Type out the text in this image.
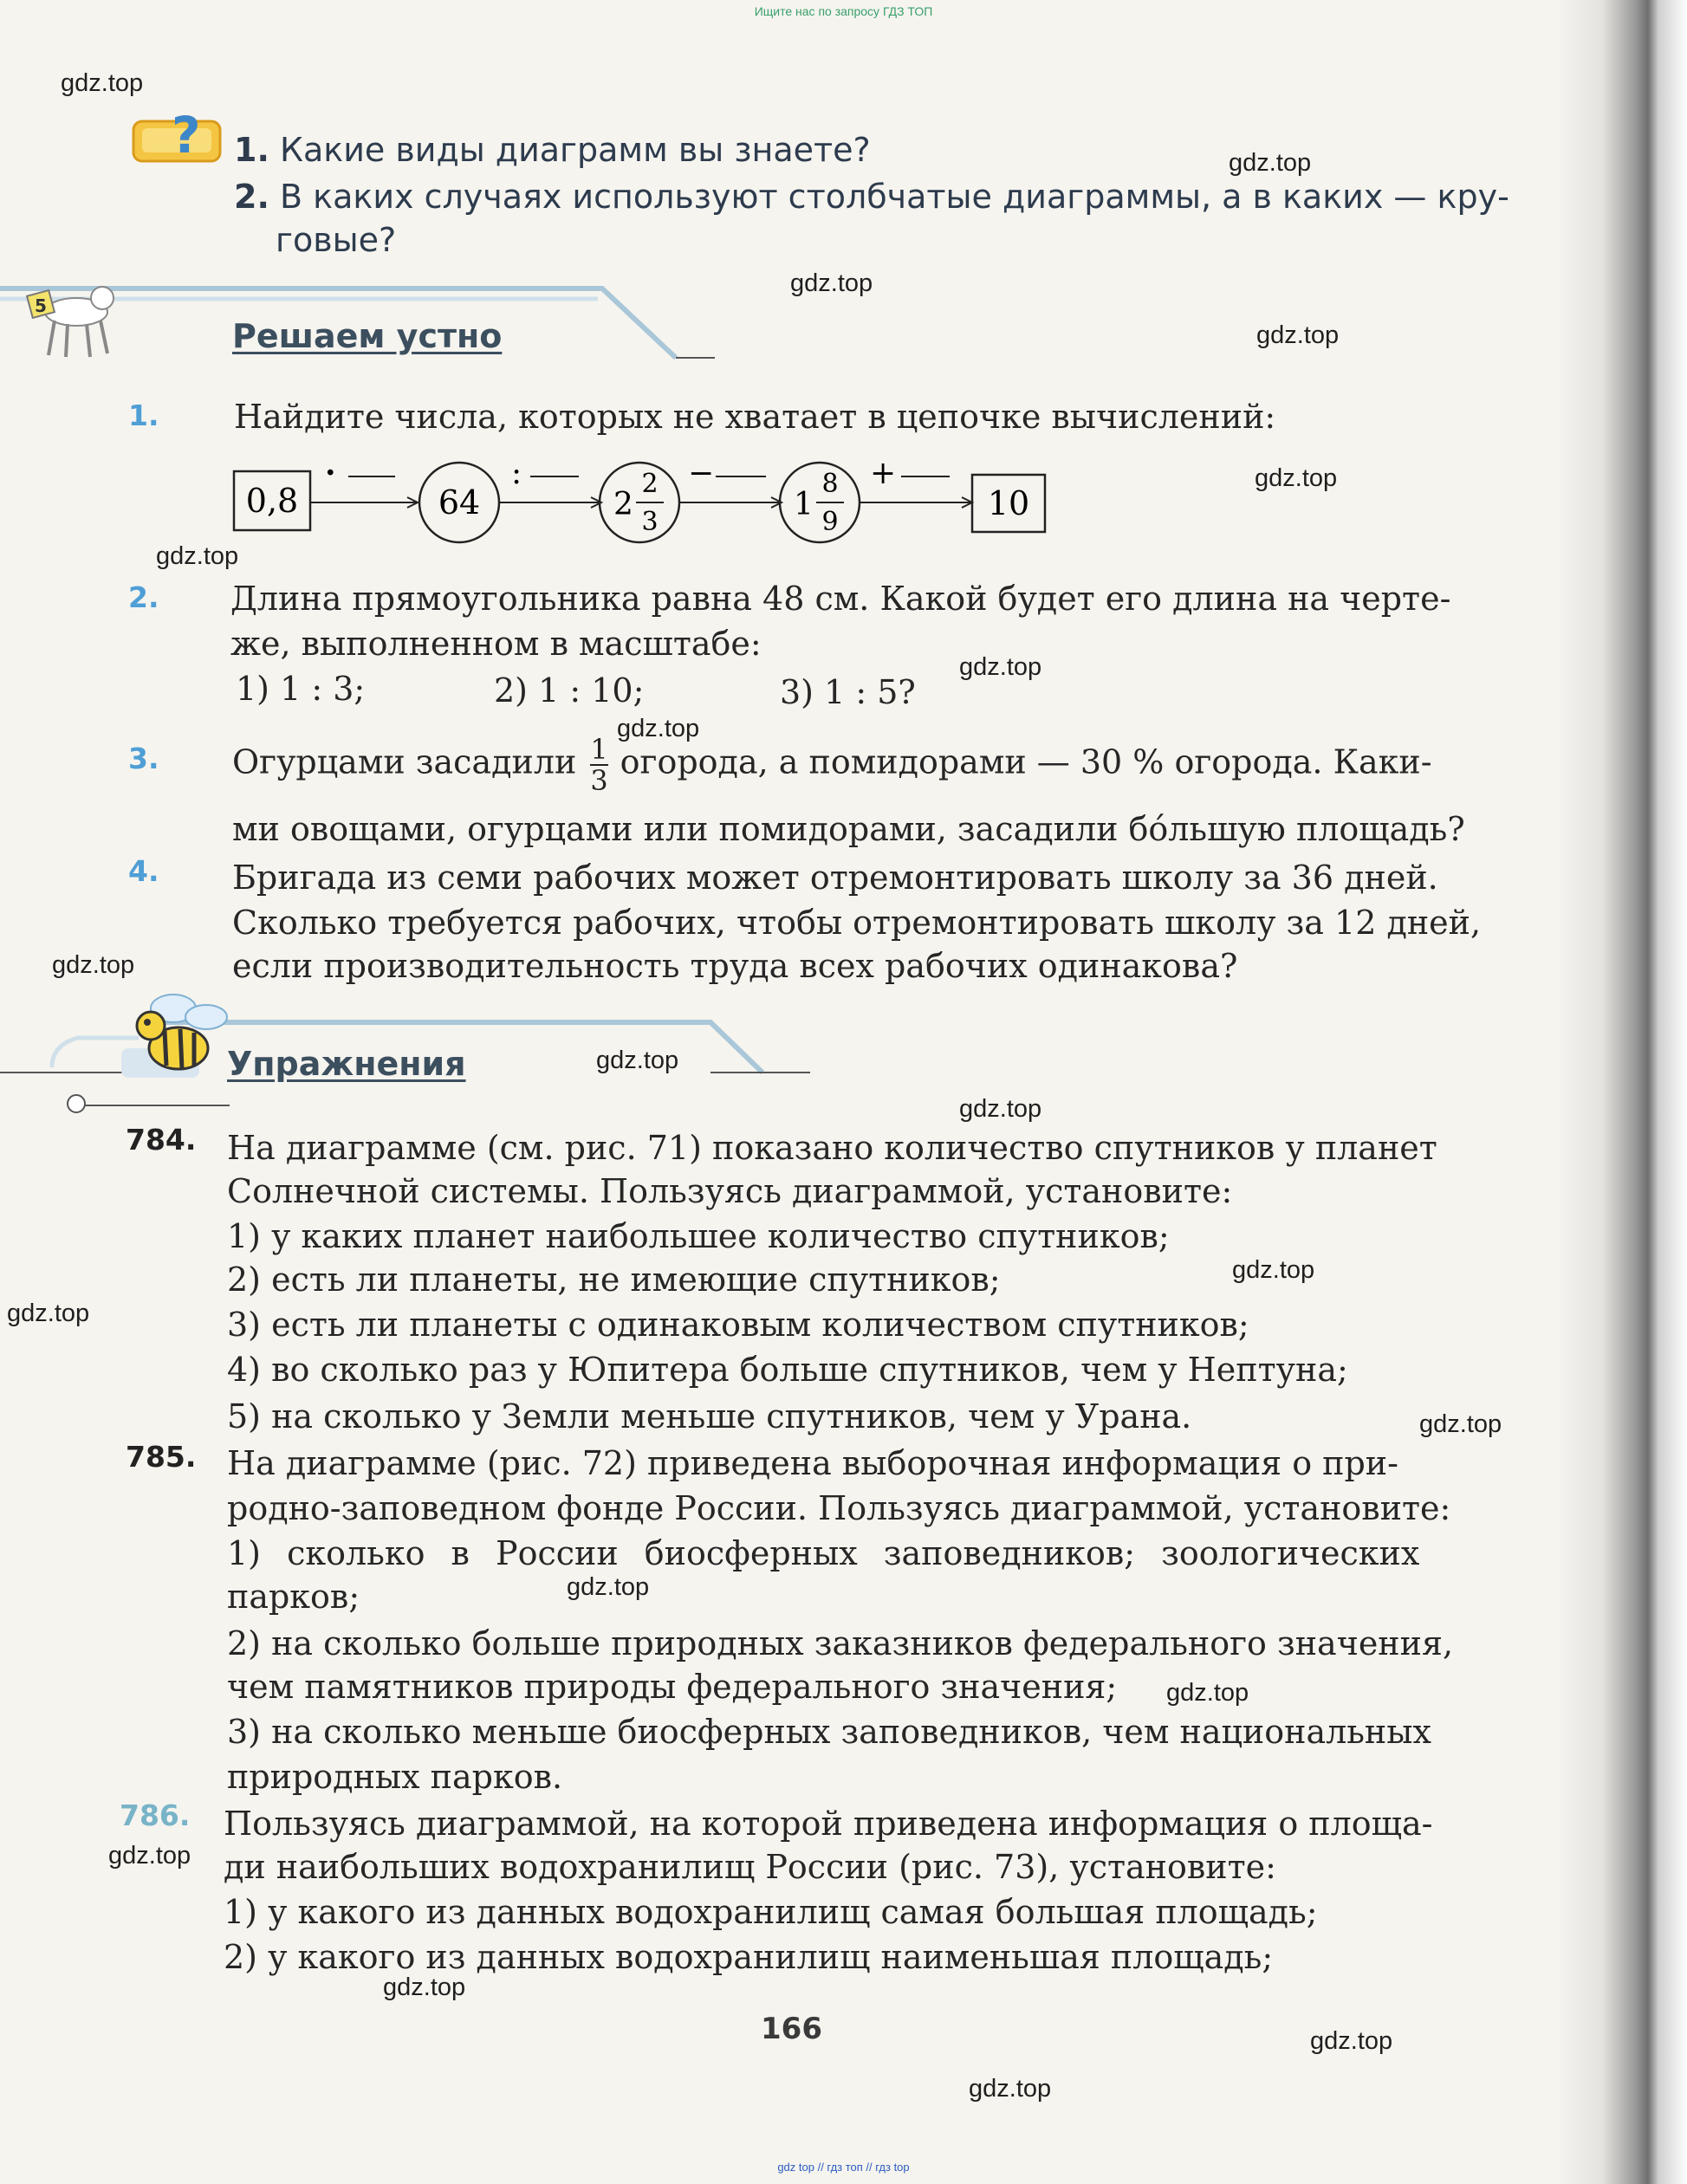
Ищите нас по запросу ГДЗ ТОП
gdz.top
gdz.top
gdz.top
gdz.top
gdz.top
gdz.top
gdz.top
gdz.top
gdz.top
gdz.top
gdz.top
gdz.top
gdz.top
gdz.top
gdz.top
gdz.top
gdz.top
gdz.top
gdz.top
gdz.top
? 1. Какие виды диаграмм вы знаете?
2. В каких случаях используют столбчатые диаграммы, а в каких — кру-
говые?
5
Решаем устно
1. Найдите числа, которых не хватает в цепочке вычислений:
0,8
·
64
:
2
2
3
−
1
8
9
+
10
2. Длина прямоугольника равна 48 см. Какой будет его длина на черте-
же, выполненном в масштабе:
1) 1 : 3;	2) 1 : 10;	3) 1 : 5?
3. Огурцами засадили $\frac{1}{3}$ огорода, а помидорами — 30 % огорода. Каки-
ми овощами, огурцами или помидорами, засадили бóльшую площадь?
4. Бригада из семи рабочих может отремонтировать школу за 36 дней.
Сколько требуется рабочих, чтобы отремонтировать школу за 12 дней,
если производительность труда всех рабочих одинакова?
Упражнения
784. На диаграмме (см. рис. 71) показано количество спутников у планет
Солнечной системы. Пользуясь диаграммой, установите:
1) у каких планет наибольшее количество спутников;
2) есть ли планеты, не имеющие спутников;
3) есть ли планеты с одинаковым количеством спутников;
4) во сколько раз у Юпитера больше спутников, чем у Нептуна;
5) на сколько у Земли меньше спутников, чем у Урана.
785. На диаграмме (рис. 72) приведена выборочная информация о при-
родно-заповедном фонде России. Пользуясь диаграммой, установите:
1) сколько в России биосферных заповедников; зоологических
парков;
2) на сколько больше природных заказников федерального значения,
чем памятников природы федерального значения;
3) на сколько меньше биосферных заповедников, чем национальных
природных парков.
786. Пользуясь диаграммой, на которой приведена информация о площа-
ди наибольших водохранилищ России (рис. 73), установите:
1) у какого из данных водохранилищ самая большая площадь;
2) у какого из данных водохранилищ наименьшая площадь;
166
gdz top // гдз топ // гдз top
